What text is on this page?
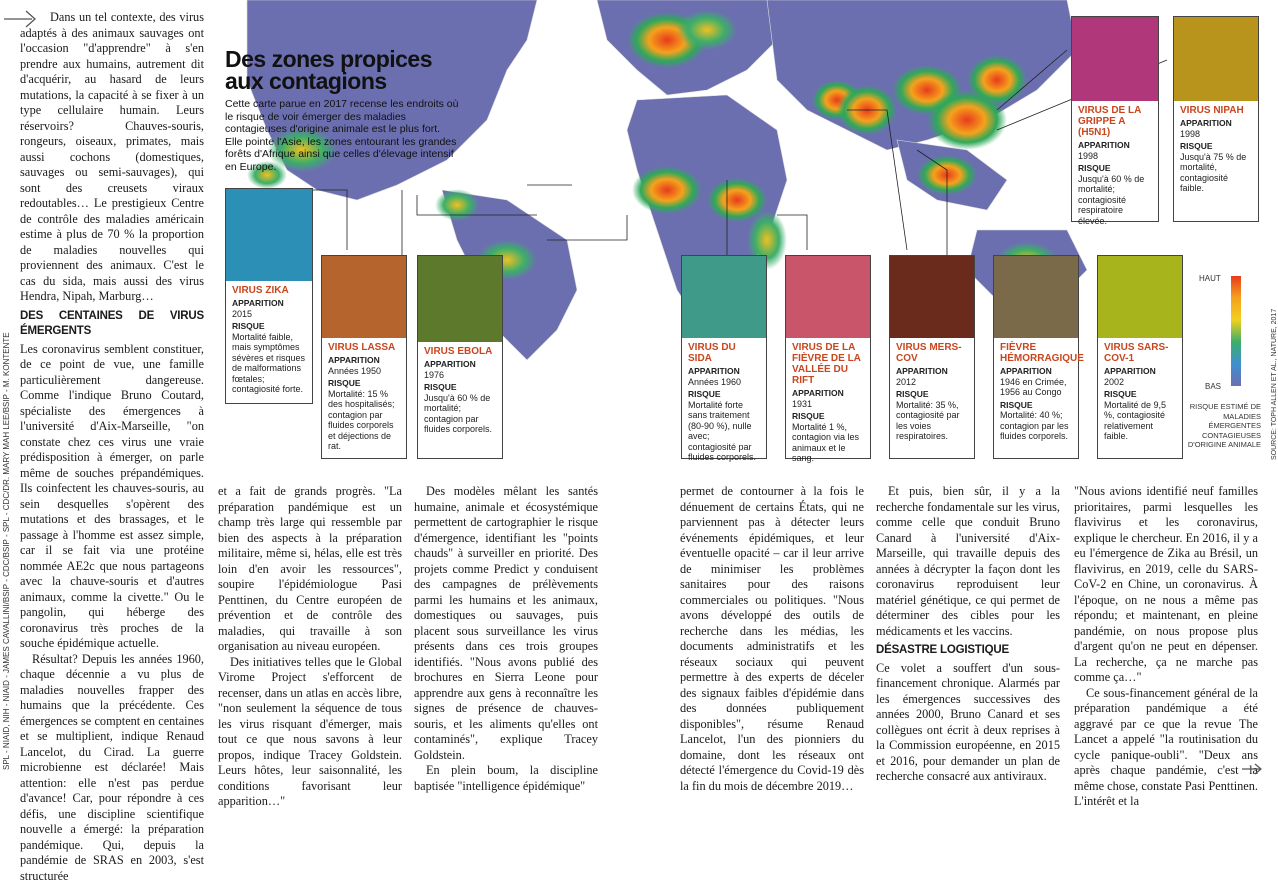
Dans un tel contexte, des virus adaptés à des animaux sauvages ont l'occasion "d'apprendre" à s'en prendre aux humains, autrement dit d'acquérir, au hasard de leurs mutations, la capacité à se fixer à un type cellulaire humain. Leurs réservoirs? Chauves-souris, rongeurs, oiseaux, primates, mais aussi cochons (domestiques, sauvages ou semi-sauvages), qui sont des creusets viraux redoutables… Le prestigieux Centre de contrôle des maladies américain estime à plus de 70 % la proportion de maladies nouvelles qui proviennent des animaux. C'est le cas du sida, mais aussi des virus Hendra, Nipah, Marburg…

DES CENTAINES DE VIRUS ÉMERGENTS

Les coronavirus semblent constituer, de ce point de vue, une famille particulièrement dangereuse. Comme l'indique Bruno Coutard, spécialiste des émergences à l'université d'Aix-Marseille, "on constate chez ces virus une vraie prédisposition à émerger, on parle même de souches prépandémiques. Ils coinfectent les chauves-souris, au sein desquelles s'opèrent des mutations et des brassages, et le passage à l'homme est assez simple, car il se fait via une protéine nommée AE2c que nous partageons avec la chauve-souris et d'autres animaux, comme la civette." Ou le pangolin, qui héberge des coronavirus très proches de la souche épidémique actuelle.

Résultat? Depuis les années 1960, chaque décennie a vu plus de maladies nouvelles frapper des humains que la précédente. Ces émergences se comptent en centaines et se multiplient, indique Renaud Lancelot, du Cirad. La guerre microbienne est déclarée! Mais attention: elle n'est pas perdue d'avance! Car, pour répondre à ces défis, une discipline scientifique nouvelle a émergé: la préparation pandémique. Qui, depuis la pandémie de SRAS en 2003, s'est structurée

SPL - NIAID, NIH - NIAID - JAMES CAVALLINI/BSIP - CDC/BSIP - SPL - CDC/DR. MARY MAH LEE/BSIP - M. KONTENTE
Des zones propices
aux contagions
Cette carte parue en 2017 recense les endroits où le risque de voir émerger des maladies contagieuses d'origine animale est le plus fort. Elle pointe l'Asie, les zones entourant les grandes forêts d'Afrique ainsi que celles d'élevage intensif en Europe.
VIRUS ZIKA
APPARITION
2015
RISQUE
Mortalité faible, mais symptômes sévères et risques de malformations fœtales; contagiosité forte.
VIRUS LASSA
APPARITION
Années 1950
RISQUE
Mortalité: 15 % des hospitalisés; contagion par fluides corporels et déjections de rat.
VIRUS EBOLA
APPARITION
1976
RISQUE
Jusqu'à 60 % de mortalité; contagion par fluides corporels.
VIRUS DU SIDA
APPARITION
Années 1960
RISQUE
Mortalité forte sans traitement (80-90 %), nulle avec; contagiosité par fluides corporels.
VIRUS DE LA FIÈVRE DE LA VALLÉE DU RIFT
APPARITION
1931
RISQUE
Mortalité 1 %, contagion via les animaux et le sang.
VIRUS MERS-COV
APPARITION
2012
RISQUE
Mortalité: 35 %, contagiosité par les voies respiratoires.
FIÈVRE HÉMORRAGIQUE
APPARITION
1946 en Crimée, 1956 au Congo
RISQUE
Mortalité: 40 %; contagion par les fluides corporels.
VIRUS SARS-COV-1
APPARITION
2002
RISQUE
Mortalité de 9,5 %, contagiosité relativement faible.
VIRUS DE LA GRIPPE A (H5N1)
APPARITION
1998
RISQUE
Jusqu'à 60 % de mortalité; contagiosité respiratoire élevée.
VIRUS NIPAH
APPARITION
1998
RISQUE
Jusqu'à 75 % de mortalité, contagiosité faible.
HAUT
BAS
RISQUE ESTIMÉ DE MALADIES ÉMERGENTES CONTAGIEUSES D'ORIGINE ANIMALE SOURCE: TOPH ALLEN ET AL., NATURE, 2017

et a fait de grands progrès. "La préparation pandémique est un champ très large qui ressemble par bien des aspects à la préparation militaire, même si, hélas, elle est très loin d'en avoir les ressources", soupire l'épidémiologue Pasi Penttinen, du Centre européen de prévention et de contrôle des maladies, qui travaille à son organisation au niveau européen.

Des initiatives telles que le Global Virome Project s'efforcent de recenser, dans un atlas en accès libre, "non seulement la séquence de tous les virus risquant d'émerger, mais tout ce que nous savons à leur propos, indique Tracey Goldstein. Leurs hôtes, leur saisonnalité, les conditions favorisant leur apparition…"

Des modèles mêlant les santés humaine, animale et écosystémique permettent de cartographier le risque d'émergence, identifiant les "points chauds" à surveiller en priorité. Des projets comme Predict y conduisent des campagnes de prélèvements parmi les humains et les animaux, domestiques ou sauvages, puis placent sous surveillance les virus présents dans ces trois groupes identifiés. "Nous avons publié des brochures en Sierra Leone pour apprendre aux gens à reconnaître les signes de présence de chauves-souris, et les aliments qu'elles ont contaminés", explique Tracey Goldstein.

En plein boum, la discipline baptisée "intelligence épidémique"

permet de contourner à la fois le dénuement de certains États, qui ne parviennent pas à détecter leurs événements épidémiques, et leur éventuelle opacité – car il leur arrive de minimiser les problèmes sanitaires pour des raisons commerciales ou politiques. "Nous avons développé des outils de recherche dans les médias, les documents administratifs et les réseaux sociaux qui peuvent permettre à des experts de déceler des signaux faibles d'épidémie dans des données publiquement disponibles", résume Renaud Lancelot, l'un des pionniers du domaine, dont les réseaux ont détecté l'émergence du Covid-19 dès la fin du mois de décembre 2019…

Et puis, bien sûr, il y a la recherche fondamentale sur les virus, comme celle que conduit Bruno Canard à l'université d'Aix-Marseille, qui travaille depuis des années à décrypter la façon dont les coronavirus reproduisent leur matériel génétique, ce qui permet de déterminer des cibles pour les médicaments et les vaccins.

DÉSASTRE LOGISTIQUE

Ce volet a souffert d'un sous-financement chronique. Alarmés par les émergences successives des années 2000, Bruno Canard et ses collègues ont écrit à deux reprises à la Commission européenne, en 2015 et 2016, pour demander un plan de recherche consacré aux antiviraux.

"Nous avions identifié neuf familles prioritaires, parmi lesquelles les flavivirus et les coronavirus, explique le chercheur. En 2016, il y a eu l'émergence de Zika au Brésil, un flavivirus, en 2019, celle du SARS-CoV-2 en Chine, un coronavirus. À l'époque, on ne nous a même pas répondu; et maintenant, en pleine pandémie, on nous propose plus d'argent qu'on ne peut en dépenser. La recherche, ça ne marche pas comme ça…"

Ce sous-financement général de la préparation pandémique a été aggravé par ce que la revue The Lancet a appelé "la routinisation du cycle panique-oubli". "Deux ans après chaque pandémie, c'est la même chose, constate Pasi Penttinen. L'intérêt et la
